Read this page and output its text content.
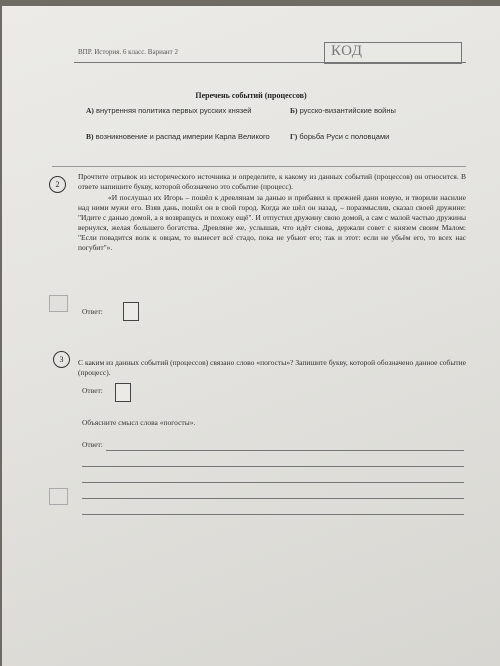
ВПР. История. 6 класс. Вариант 2	КОД
Перечень событий (процессов)
А) внутренняя политика первых русских князей	Б) русско-византийские войны
В) возникновение и распад империи Карла Великого	Г) борьба Руси с половцами
2
Прочтите отрывок из исторического источника и определите, к какому из данных событий (процессов) он относится. В ответе напишите букву, которой обозначено это событие (процесс).
«И послушал их Игорь – пошёл к древлянам за данью и прибавил к прежней дани новую, и творили насилие над ними мужи его. Взяв дань, пошёл он в свой город. Когда же шёл он назад, – поразмыслив, сказал своей дружине: "Идите с данью домой, а я возвращусь и похожу ещё". И отпустил дружину свою домой, а сам с малой частью дружины вернулся, желая большего богатства. Древляне же, услышав, что идёт снова, держали совет с князем своим Малом: "Если повадится волк к овцам, то вынесет всё стадо, пока не убьют его; так и этот: если не убьём его, то всех нас погубит"».
Ответ:
3	С каким из данных событий (процессов) связано слово «погосты»? Запишите букву, которой обозначено данное событие (процесс).
Ответ:
Объясните смысл слова «погосты».
Ответ:
